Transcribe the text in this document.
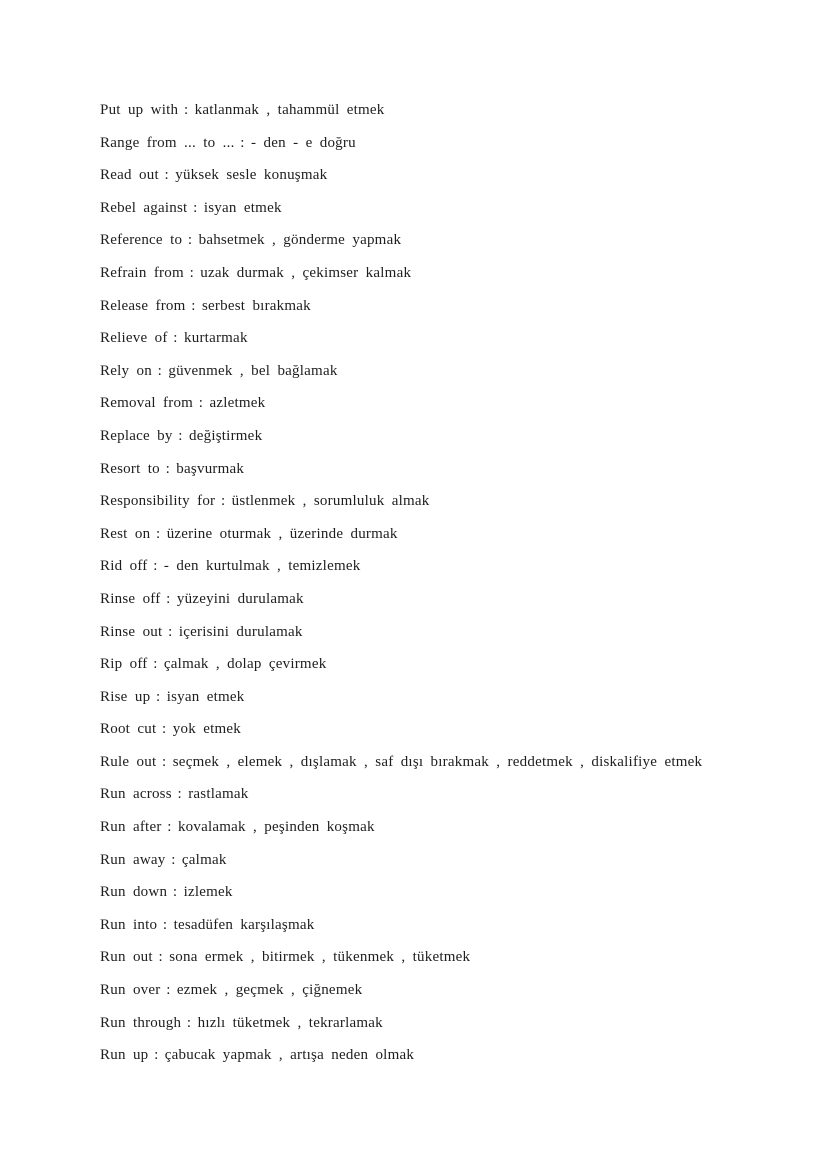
Put up with : katlanmak , tahammül etmek
Range from ... to ... : - den - e doğru
Read out : yüksek sesle konuşmak
Rebel against : isyan etmek
Reference to : bahsetmek , gönderme yapmak
Refrain from : uzak durmak , çekimser kalmak
Release from : serbest bırakmak
Relieve of : kurtarmak
Rely on : güvenmek , bel bağlamak
Removal from : azletmek
Replace by : değiştirmek
Resort to : başvurmak
Responsibility for : üstlenmek , sorumluluk almak
Rest on : üzerine oturmak , üzerinde durmak
Rid off : - den kurtulmak , temizlemek
Rinse off : yüzeyini durulamak
Rinse out : içerisini durulamak
Rip off : çalmak , dolap çevirmek
Rise up : isyan etmek
Root cut : yok etmek
Rule out : seçmek , elemek , dışlamak , saf dışı bırakmak , reddetmek , diskalifiye etmek
Run across : rastlamak
Run after : kovalamak , peşinden koşmak
Run away : çalmak
Run down : izlemek
Run into : tesadüfen karşılaşmak
Run out : sona ermek , bitirmek , tükenmek , tüketmek
Run over : ezmek , geçmek , çiğnemek
Run through : hızlı tüketmek , tekrarlamak
Run up : çabucak yapmak , artışa neden olmak
